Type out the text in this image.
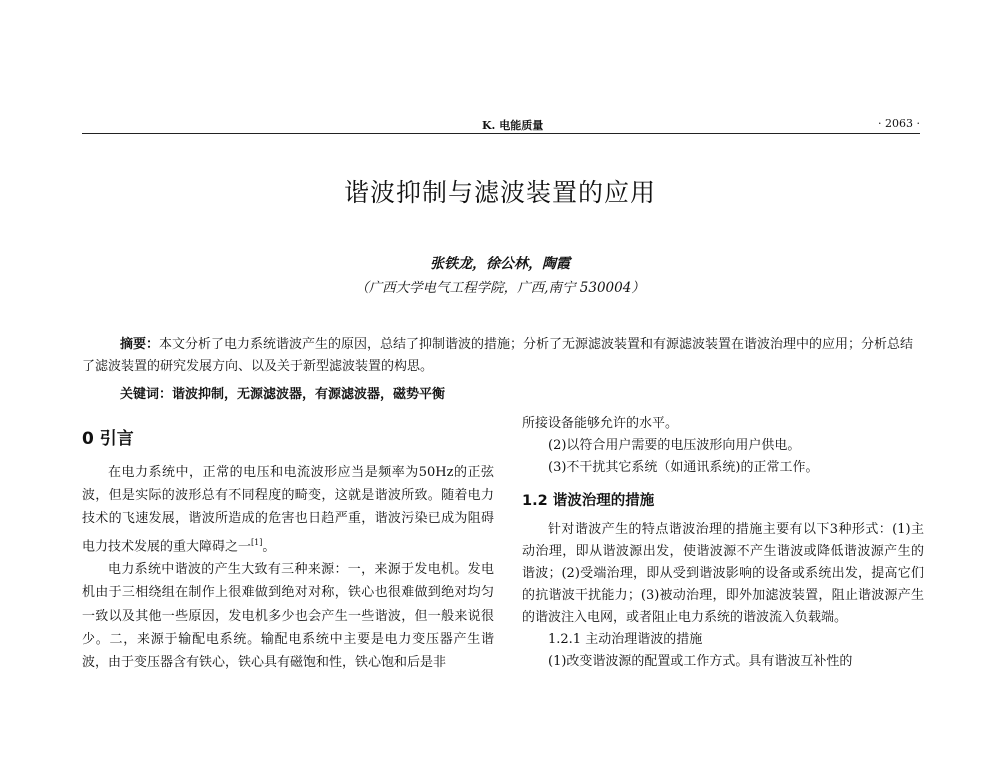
K. 电能质量	· 2063 ·
谐波抑制与滤波装置的应用
张铁龙，徐公林，陶霞
（广西大学电气工程学院，广西,南宁 530004）

摘要：本文分析了电力系统谐波产生的原因，总结了抑制谐波的措施；分析了无源滤波装置和有源滤波装置在谐波治理中的应用；分析总结了滤波装置的研究发展方向、以及关于新型滤波装置的构思。

关键词：谐波抑制，无源滤波器，有源滤波器，磁势平衡

0 引言

在电力系统中，正常的电压和电流波形应当是频率为50Hz的正弦波，但是实际的波形总有不同程度的畸变，这就是谐波所致。随着电力技术的飞速发展，谐波所造成的危害也日趋严重，谐波污染已成为阻碍电力技术发展的重大障碍之一[1]。

电力系统中谐波的产生大致有三种来源：一，来源于发电机。发电机由于三相绕组在制作上很难做到绝对对称，铁心也很难做到绝对均匀一致以及其他一些原因，发电机多少也会产生一些谐波，但一般来说很少。二，来源于输配电系统。输配电系统中主要是电力变压器产生谐波，由于变压器含有铁心，铁心具有磁饱和性，铁心饱和后是非

所接设备能够允许的水平。

(2)以符合用户需要的电压波形向用户供电。

(3)不干扰其它系统（如通讯系统)的正常工作。

1.2 谐波治理的措施

针对谐波产生的特点谐波治理的措施主要有以下3种形式：(1)主动治理，即从谐波源出发，使谐波源不产生谐波或降低谐波源产生的谐波；(2)受端治理，即从受到谐波影响的设备或系统出发，提高它们的抗谐波干扰能力；(3)被动治理，即外加滤波装置，阻止谐波源产生的谐波注入电网，或者阻止电力系统的谐波流入负载端。

1.2.1 主动治理谐波的措施

(1)改变谐波源的配置或工作方式。具有谐波互补性的
